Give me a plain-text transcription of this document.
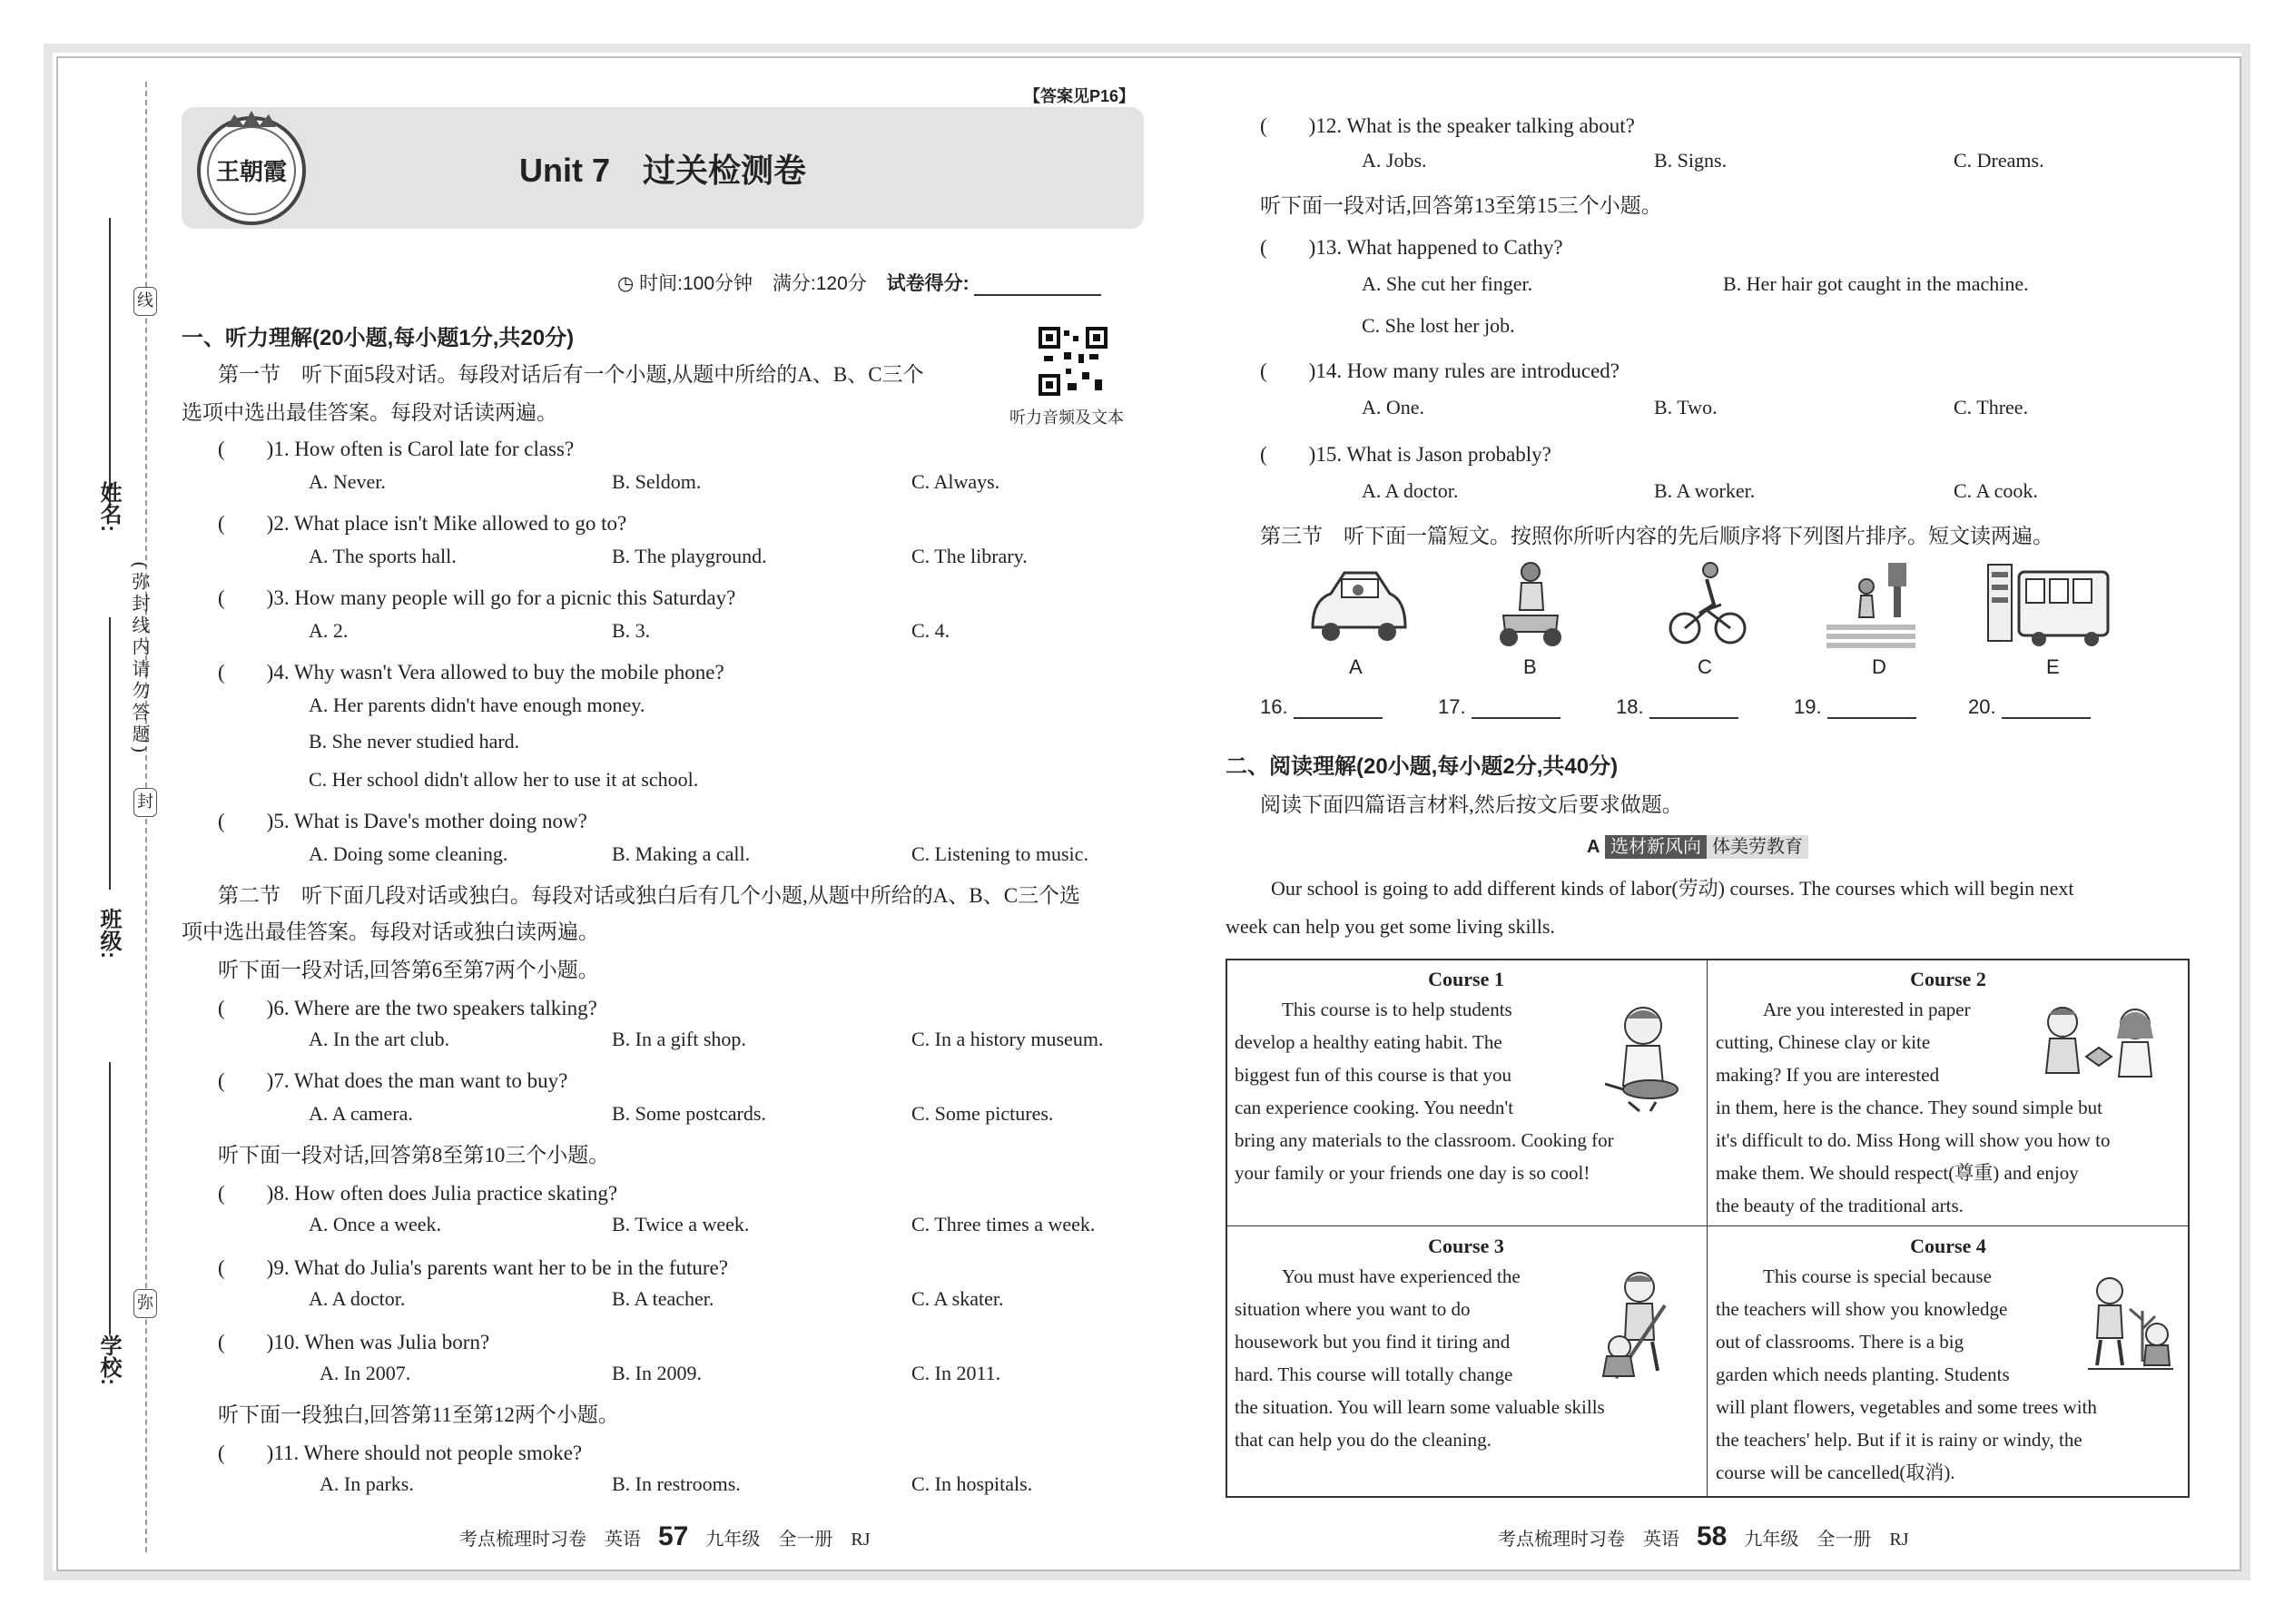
线
封
弥
(弥封线内请勿答题)
姓名:
班级:
学校:
【答案见P16】
王朝霞	Unit 7　过关检测卷
◷ 时间:100分钟 满分:120分 试卷得分:
听力音频及文本
一、听力理解(20小题,每小题1分,共20分)
第一节　听下面5段对话。每段对话后有一个小题,从题中所给的A、B、C三个
选项中选出最佳答案。每段对话读两遍。
(　　)1. How often is Carol late for class?
A. Never.	B. Seldom.	C. Always.
(　　)2. What place isn't Mike allowed to go to?
A. The sports hall.	B. The playground.	C. The library.
(　　)3. How many people will go for a picnic this Saturday?
A. 2.	B. 3.	C. 4.
(　　)4. Why wasn't Vera allowed to buy the mobile phone?
A. Her parents didn't have enough money.
B. She never studied hard.
C. Her school didn't allow her to use it at school.
(　　)5. What is Dave's mother doing now?
A. Doing some cleaning.	B. Making a call.	C. Listening to music.
第二节　听下面几段对话或独白。每段对话或独白后有几个小题,从题中所给的A、B、C三个选
项中选出最佳答案。每段对话或独白读两遍。
听下面一段对话,回答第6至第7两个小题。
(　　)6. Where are the two speakers talking?
A. In the art club.	B. In a gift shop.	C. In a history museum.
(　　)7. What does the man want to buy?
A. A camera.	B. Some postcards.	C. Some pictures.
听下面一段对话,回答第8至第10三个小题。
(　　)8. How often does Julia practice skating?
A. Once a week.	B. Twice a week.	C. Three times a week.
(　　)9. What do Julia's parents want her to be in the future?
A. A doctor.	B. A teacher.	C. A skater.
(　　)10. When was Julia born?
A. In 2007.	B. In 2009.	C. In 2011.
听下面一段独白,回答第11至第12两个小题。
(　　)11. Where should not people smoke?
A. In parks.	B. In restrooms.	C. In hospitals.
考点梳理时习卷　英语 57 九年级　全一册　RJ
(　　)12. What is the speaker talking about?
A. Jobs.	B. Signs.	C. Dreams.
听下面一段对话,回答第13至第15三个小题。
(　　)13. What happened to Cathy?
A. She cut her finger.	B. Her hair got caught in the machine.
C. She lost her job.
(　　)14. How many rules are introduced?
A. One.	B. Two.	C. Three.
(　　)15. What is Jason probably?
A. A doctor.	B. A worker.	C. A cook.
第三节　听下面一篇短文。按照你所听内容的先后顺序将下列图片排序。短文读两遍。
A	B	C	D	E
16.	17.	18.	19.	20.
二、阅读理解(20小题,每小题2分,共40分)
阅读下面四篇语言材料,然后按文后要求做题。
A 选材新风向 体美劳教育
Our school is going to add different kinds of labor(劳动) courses. The courses which will begin next
week can help you get some living skills.
Course 1
This course is to help students
develop a healthy eating habit. The
biggest fun of this course is that you
can experience cooking. You needn't
bring any materials to the classroom. Cooking for
your family or your friends one day is so cool!
Course 2
Are you interested in paper
cutting, Chinese clay or kite
making? If you are interested
in them, here is the chance. They sound simple but
it's difficult to do. Miss Hong will show you how to
make them. We should respect(尊重) and enjoy
the beauty of the traditional arts.
Course 3
You must have experienced the
situation where you want to do
housework but you find it tiring and
hard. This course will totally change
the situation. You will learn some valuable skills
that can help you do the cleaning.
Course 4
This course is special because
the teachers will show you knowledge
out of classrooms. There is a big
garden which needs planting. Students
will plant flowers, vegetables and some trees with
the teachers' help. But if it is rainy or windy, the
course will be cancelled(取消).
考点梳理时习卷　英语 58 九年级　全一册　RJ
